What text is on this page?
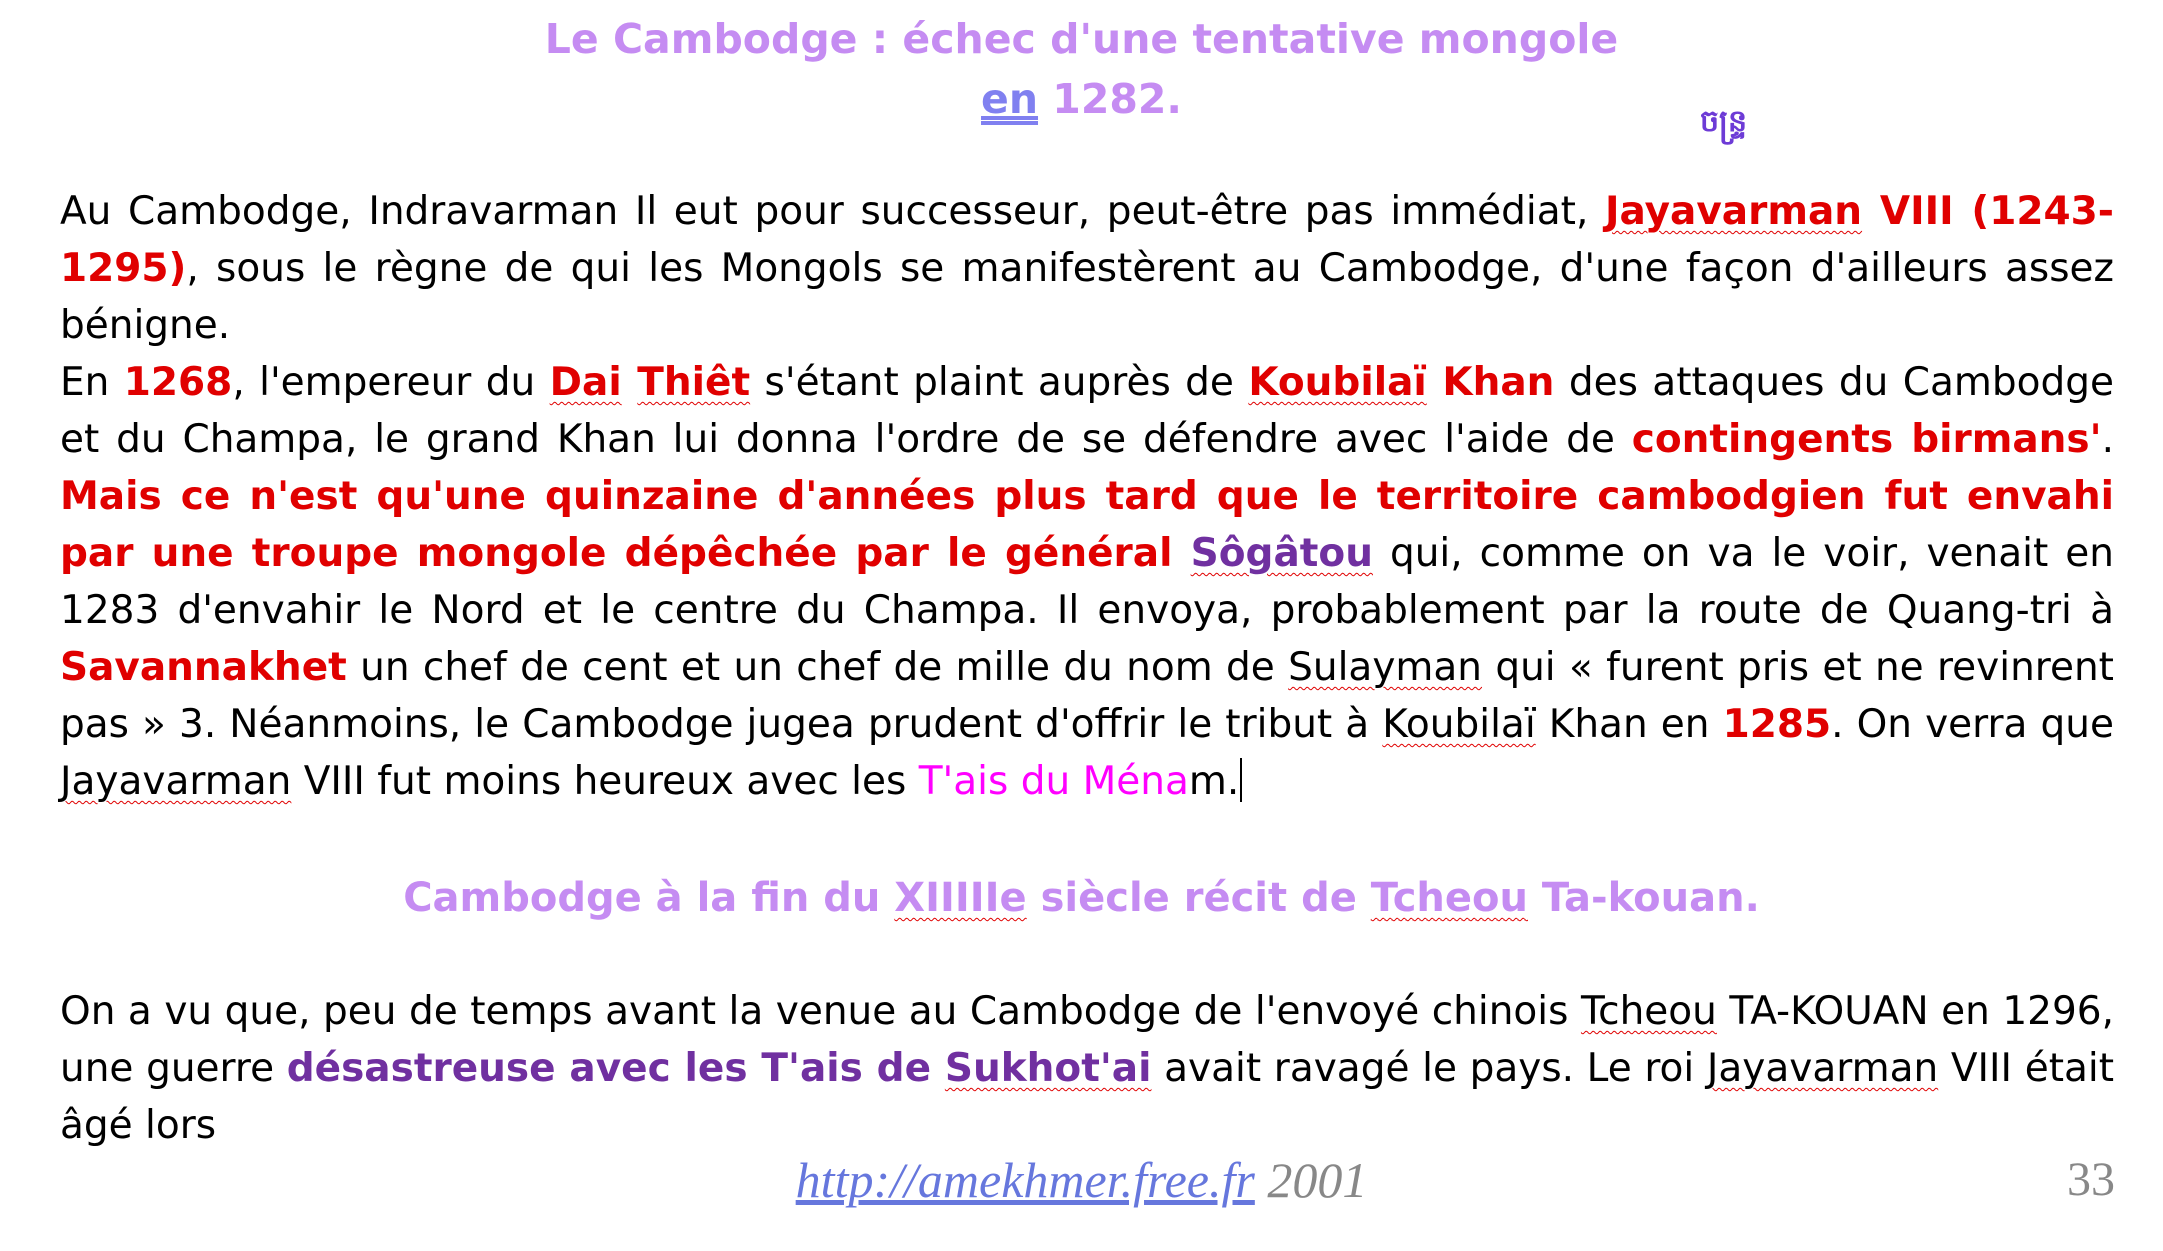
Le Cambodge : échec d'une tentative mongole
en 1282.	ចន្រ្ទ

Au Cambodge, Indravarman Il eut pour successeur, peut-être pas immédiat, Jayavarman VIII (1243-1295), sous le règne de qui les Mongols se manifestèrent au Cambodge, d'une façon d'ailleurs assez bénigne.

En 1268, l'empereur du Dai Thiêt s'étant plaint auprès de Koubilaï Khan des attaques du Cambodge et du Champa, le grand Khan lui donna l'ordre de se défendre avec l'aide de contingents birmans'. Mais ce n'est qu'une quinzaine d'années plus tard que le territoire cambodgien fut envahi par une troupe mongole dépêchée par le général Sôgâtou qui, comme on va le voir, venait en 1283 d'envahir le Nord et le centre du Champa. Il envoya, probablement par la route de Quang-tri à Savannakhet un chef de cent et un chef de mille du nom de Sulayman qui « furent pris et ne revinrent pas » 3. Néanmoins, le Cambodge jugea prudent d'offrir le tribut à Koubilaï Khan en 1285. On verra que Jayavarman VIII fut moins heureux avec les T'ais du Ménam.

Cambodge à la fin du XIIIIIe siècle récit de Tcheou Ta-kouan.

On a vu que, peu de temps avant la venue au Cambodge de l'envoyé chinois Tcheou TA-KOUAN en 1296, une guerre désastreuse avec les T'ais de Sukhot'ai avait ravagé le pays. Le roi Jayavarman VIII était âgé lors

http://amekhmer.free.fr 2001	33
